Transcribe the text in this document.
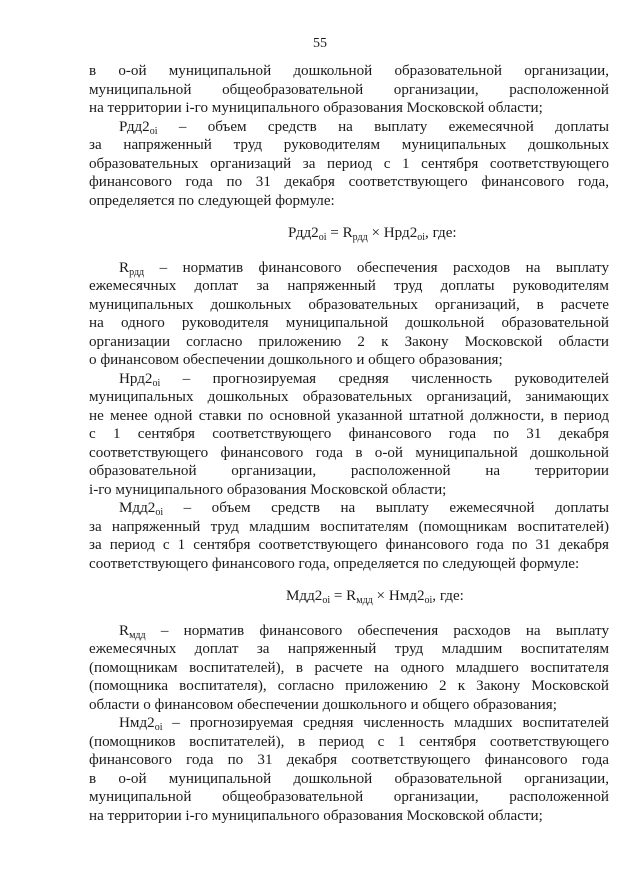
55
в о-ой муниципальной дошкольной образовательной организации,
муниципальной общеобразовательной организации, расположенной
на территории i-го муниципального образования Московской области;
$Рдд2_{oi}$ – объем средств на выплату ежемесячной доплаты
за напряженный труд руководителям муниципальных дошкольных
образовательных организаций за период с 1 сентября соответствующего
финансового года по 31 декабря соответствующего финансового года,
определяется по следующей формуле:
$Рдд2_{oi} = R_{рдд} \times Нрд2_{oi}$, где:
$R_{рдд}$ – норматив финансового обеспечения расходов на выплату
ежемесячных доплат за напряженный труд доплаты руководителям
муниципальных дошкольных образовательных организаций, в расчете
на одного руководителя муниципальной дошкольной образовательной
организации согласно приложению 2 к Закону Московской области
о финансовом обеспечении дошкольного и общего образования;
$Нрд2_{oi}$ – прогнозируемая средняя численность руководителей
муниципальных дошкольных образовательных организаций, занимающих
не менее одной ставки по основной указанной штатной должности, в период
с 1 сентября соответствующего финансового года по 31 декабря
соответствующего финансового года в о-ой муниципальной дошкольной
образовательной организации, расположенной на территории
i-го муниципального образования Московской области;
$Мдд2_{oi}$ – объем средств на выплату ежемесячной доплаты
за напряженный труд младшим воспитателям (помощникам воспитателей)
за период с 1 сентября соответствующего финансового года по 31 декабря
соответствующего финансового года, определяется по следующей формуле:
$Мдд2_{oi} = R_{мдд} \times Нмд2_{oi}$, где:
$R_{мдд}$ – норматив финансового обеспечения расходов на выплату
ежемесячных доплат за напряженный труд младшим воспитателям
(помощникам воспитателей), в расчете на одного младшего воспитателя
(помощника воспитателя), согласно приложению 2 к Закону Московской
области о финансовом обеспечении дошкольного и общего образования;
$Нмд2_{oi}$ – прогнозируемая средняя численность младших воспитателей
(помощников воспитателей), в период с 1 сентября соответствующего
финансового года по 31 декабря соответствующего финансового года
в о-ой муниципальной дошкольной образовательной организации,
муниципальной общеобразовательной организации, расположенной
на территории i-го муниципального образования Московской области;
